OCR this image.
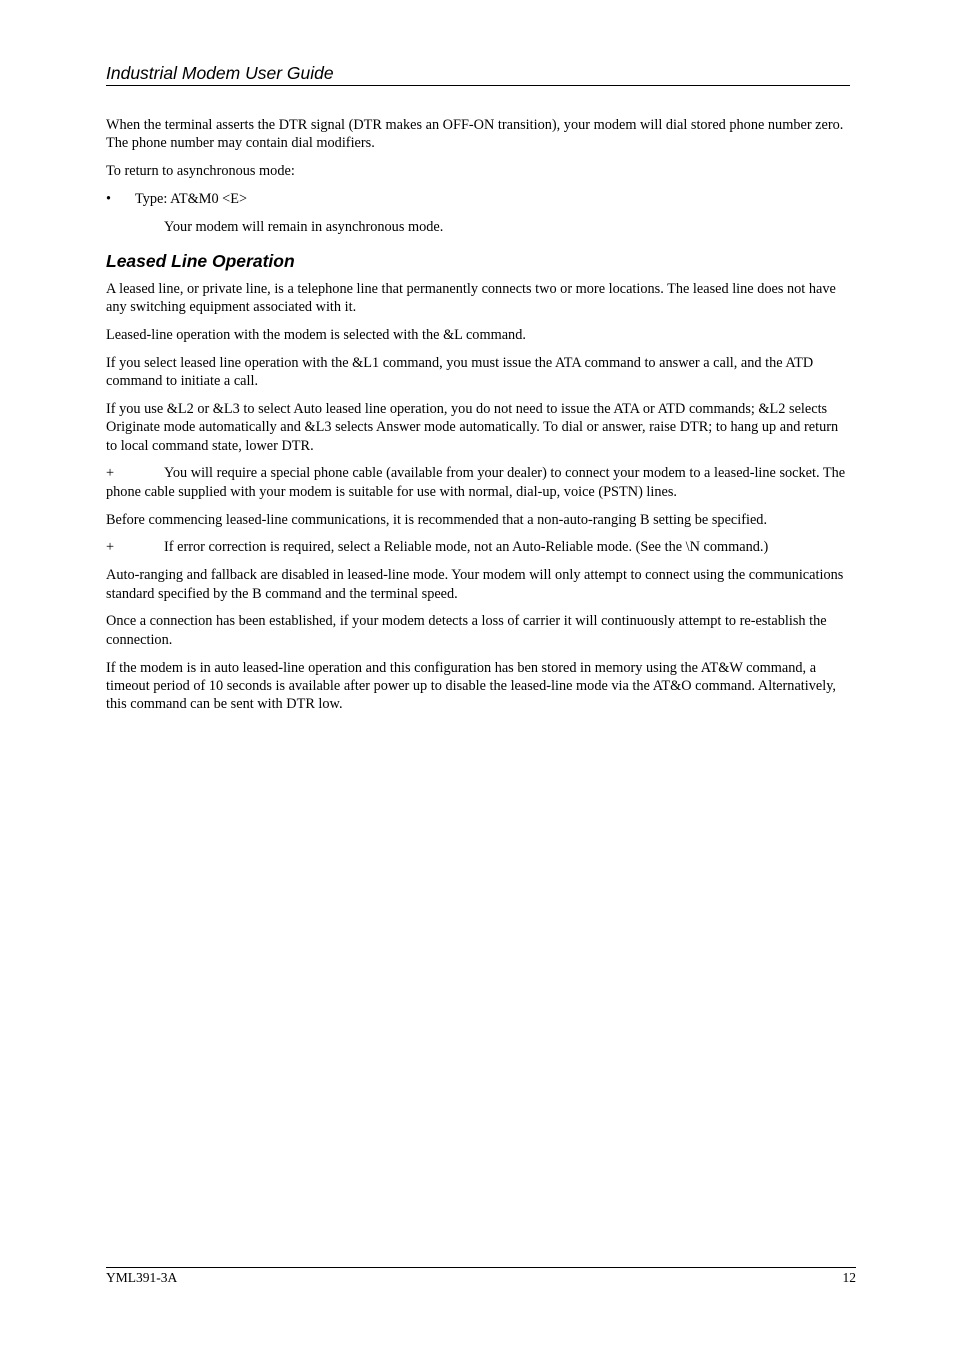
Industrial Modem User Guide

When the terminal asserts the DTR signal (DTR makes an OFF-ON transition), your modem will dial stored phone number zero. The phone number may contain dial modifiers.

To return to asynchronous mode:

• Type: AT&M0 <E>

Your modem will remain in asynchronous mode.

Leased Line Operation

A leased line, or private line, is a telephone line that permanently connects two or more locations. The leased line does not have any switching equipment associated with it.

Leased-line operation with the modem is selected with the &L command.

If you select leased line operation with the &L1 command, you must issue the ATA command to answer a call, and the ATD command to initiate a call.

If you use &L2 or &L3 to select Auto leased line operation, you do not need to issue the ATA or ATD commands; &L2 selects Originate mode automatically and &L3 selects Answer mode automatically. To dial or answer, raise DTR; to hang up and return to local command state, lower DTR.

+	You will require a special phone cable (available from your dealer) to connect your modem to a leased-line socket. The phone cable supplied with your modem is suitable for use with normal, dial-up, voice (PSTN) lines.

Before commencing leased-line communications, it is recommended that a non-auto-ranging B setting be specified.

+	If error correction is required, select a Reliable mode, not an Auto-Reliable mode. (See the \N command.)

Auto-ranging and fallback are disabled in leased-line mode. Your modem will only attempt to connect using the communications standard specified by the B command and the terminal speed.

Once a connection has been established, if your modem detects a loss of carrier it will continuously attempt to re-establish the connection.

If the modem is in auto leased-line operation and this configuration has ben stored in memory using the AT&W command, a timeout period of 10 seconds is available after power up to disable the leased-line mode via the AT&O command. Alternatively, this command can be sent with DTR low.

YML391-3A	12
